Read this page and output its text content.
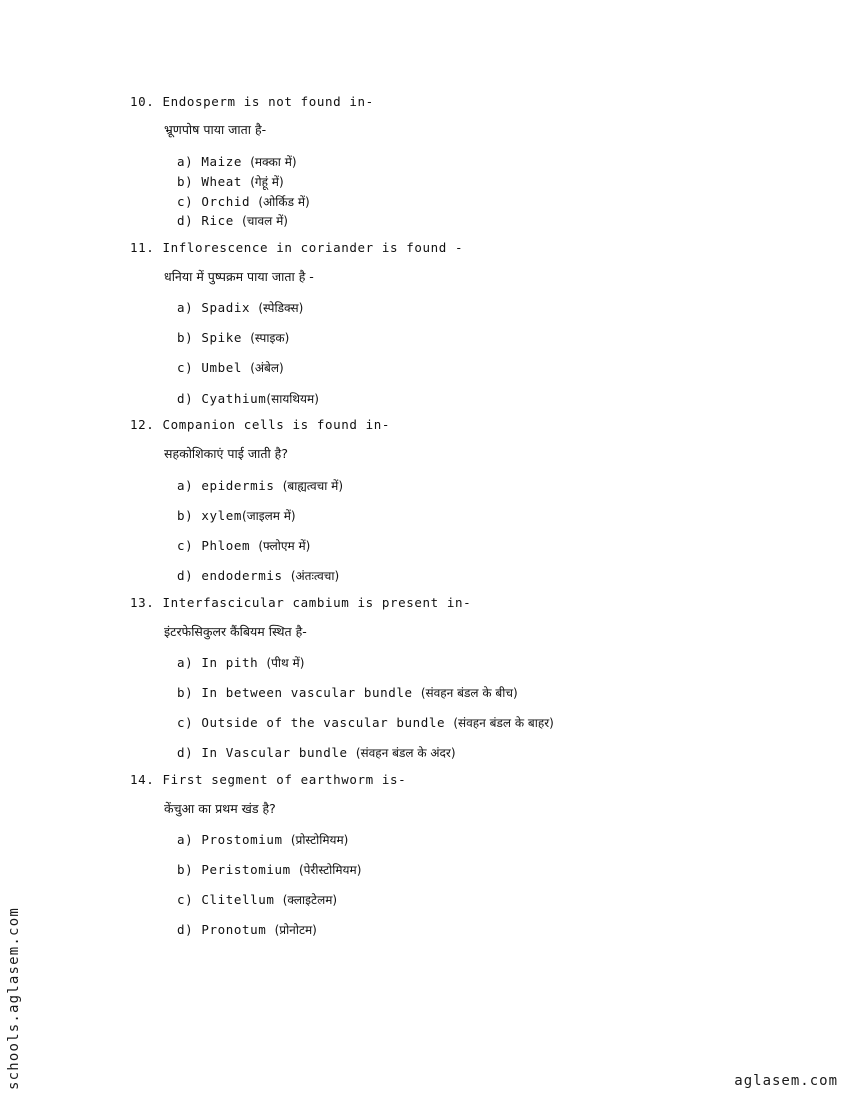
10. Endosperm is not found in-
भ्रूणपोष पाया जाता है-
a) Maize (मक्का में)
b) Wheat (गेहूं में)
c) Orchid (ओर्किड में)
d) Rice (चावल में)
11. Inflorescence in coriander is found -
धनिया में पुष्पक्रम पाया जाता है -
a) Spadix (स्पेडिक्स)
b) Spike (स्पाइक)
c) Umbel (अंबेल)
d) Cyathium(सायथियम)
12. Companion cells is found in-
सहकोशिकाएं पाई जाती है?
a) epidermis (बाह्यत्वचा में)
b) xylem(जाइलम में)
c) Phloem (फ्लोएम में)
d) endodermis (अंतःत्वचा)
13. Interfascicular cambium is present in-
इंटरफेसिकुलर कैंबियम स्थित है-
a) In pith (पीथ में)
b) In between vascular bundle (संवहन बंडल के बीच)
c) Outside of the vascular bundle (संवहन बंडल के बाहर)
d) In Vascular bundle (संवहन बंडल के अंदर)
14. First segment of earthworm is-
केंचुआ का प्रथम खंड है?
a) Prostomium (प्रोस्टोमियम)
b) Peristomium (पेरीस्टोमियम)
c) Clitellum (क्लाइटेलम)
d) Pronotum (प्रोनोटम)
schools.aglasem.com	aglasem.com
